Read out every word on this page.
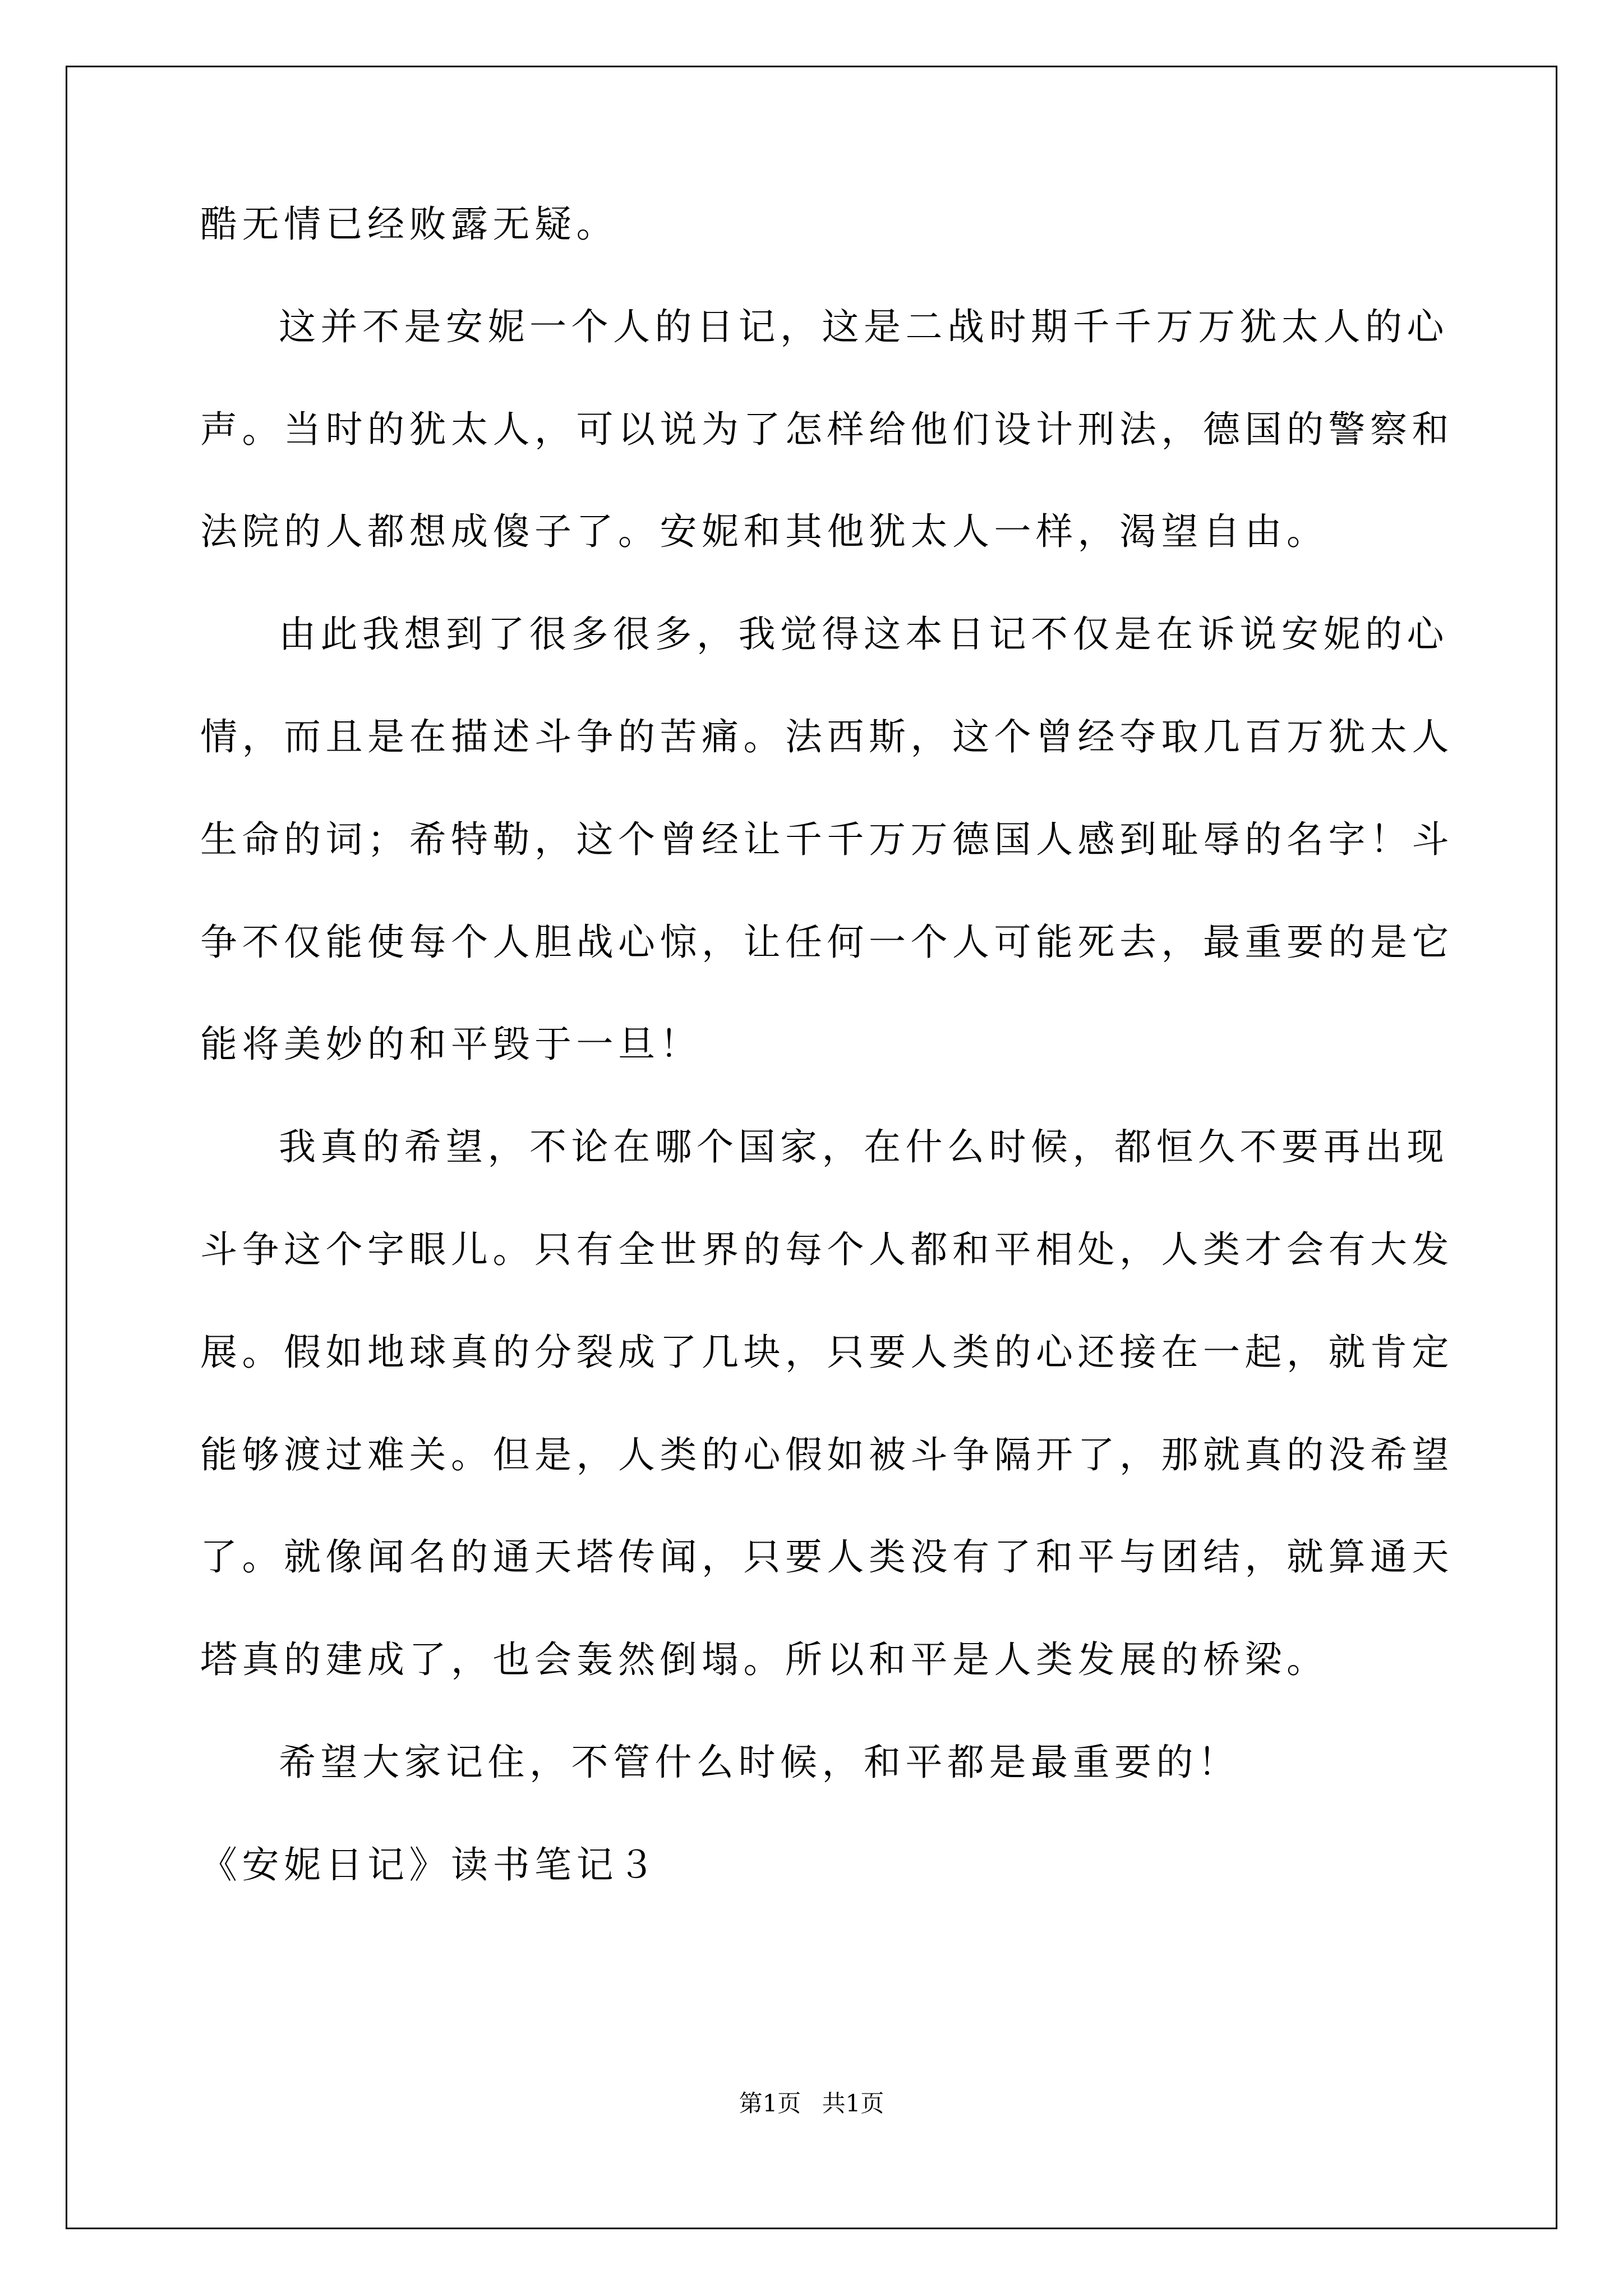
酷无情已经败露无疑。
这并不是安妮一个人的日记，这是二战时期千千万万犹太人的心
声。当时的犹太人，可以说为了怎样给他们设计刑法，德国的警察和
法院的人都想成傻子了。安妮和其他犹太人一样，渴望自由。
由此我想到了很多很多，我觉得这本日记不仅是在诉说安妮的心
情，而且是在描述斗争的苦痛。法西斯，这个曾经夺取几百万犹太人
生命的词；希特勒，这个曾经让千千万万德国人感到耻辱的名字！斗
争不仅能使每个人胆战心惊，让任何一个人可能死去，最重要的是它
能将美妙的和平毁于一旦！
我真的希望，不论在哪个国家，在什么时候，都恒久不要再出现
斗争这个字眼儿。只有全世界的每个人都和平相处，人类才会有大发
展。假如地球真的分裂成了几块，只要人类的心还接在一起，就肯定
能够渡过难关。但是，人类的心假如被斗争隔开了，那就真的没希望
了。就像闻名的通天塔传闻，只要人类没有了和平与团结，就算通天
塔真的建成了，也会轰然倒塌。所以和平是人类发展的桥梁。
希望大家记住，不管什么时候，和平都是最重要的！
《安妮日记》读书笔记３
第1页 共1页
